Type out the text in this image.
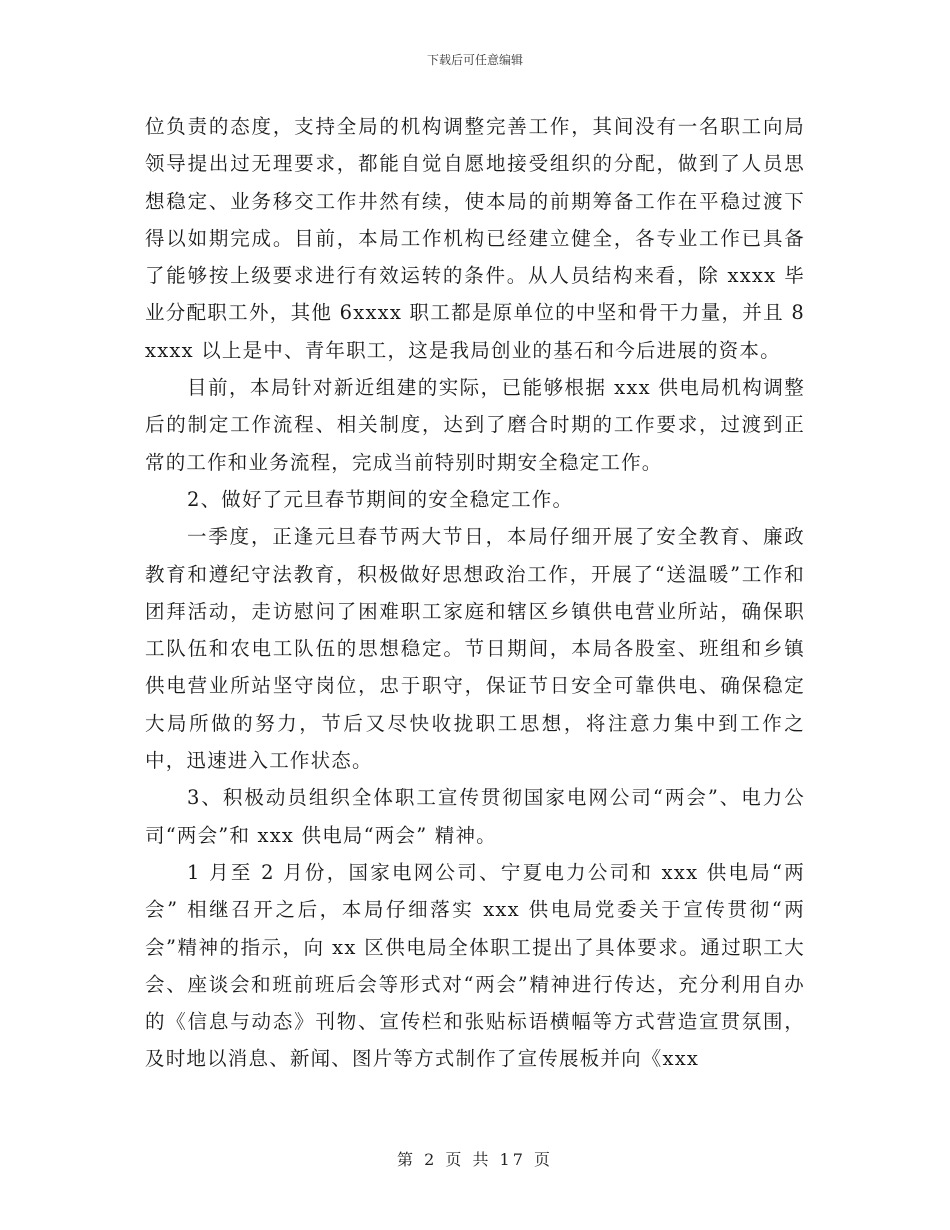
下载后可任意编辑

位负责的态度，支持全局的机构调整完善工作，其间没有一名职工向局领导提出过无理要求，都能自觉自愿地接受组织的分配，做到了人员思想稳定、业务移交工作井然有续，使本局的前期筹备工作在平稳过渡下得以如期完成。目前，本局工作机构已经建立健全，各专业工作已具备了能够按上级要求进行有效运转的条件。从人员结构来看，除 xxxx 毕业分配职工外，其他 6xxxx 职工都是原单位的中坚和骨干力量，并且 8xxxx 以上是中、青年职工，这是我局创业的基石和今后进展的资本。

目前，本局针对新近组建的实际，已能够根据 xxx 供电局机构调整后的制定工作流程、相关制度，达到了磨合时期的工作要求，过渡到正常的工作和业务流程，完成当前特别时期安全稳定工作。

2、做好了元旦春节期间的安全稳定工作。

一季度，正逢元旦春节两大节日，本局仔细开展了安全教育、廉政教育和遵纪守法教育，积极做好思想政治工作，开展了“送温暖”工作和团拜活动，走访慰问了困难职工家庭和辖区乡镇供电营业所站，确保职工队伍和农电工队伍的思想稳定。节日期间，本局各股室、班组和乡镇供电营业所站坚守岗位，忠于职守，保证节日安全可靠供电、确保稳定大局所做的努力，节后又尽快收拢职工思想，将注意力集中到工作之中，迅速进入工作状态。

3、积极动员组织全体职工宣传贯彻国家电网公司“两会”、电力公司“两会”和 xxx 供电局“两会” 精神。

1 月至 2 月份，国家电网公司、宁夏电力公司和 xxx 供电局“两会” 相继召开之后，本局仔细落实 xxx 供电局党委关于宣传贯彻“两会”精神的指示，向 xx 区供电局全体职工提出了具体要求。通过职工大会、座谈会和班前班后会等形式对“两会”精神进行传达，充分利用自办的《信息与动态》刊物、宣传栏和张贴标语横幅等方式营造宣贯氛围，及时地以消息、新闻、图片等方式制作了宣传展板并向《xxx

第 2 页 共 17 页
